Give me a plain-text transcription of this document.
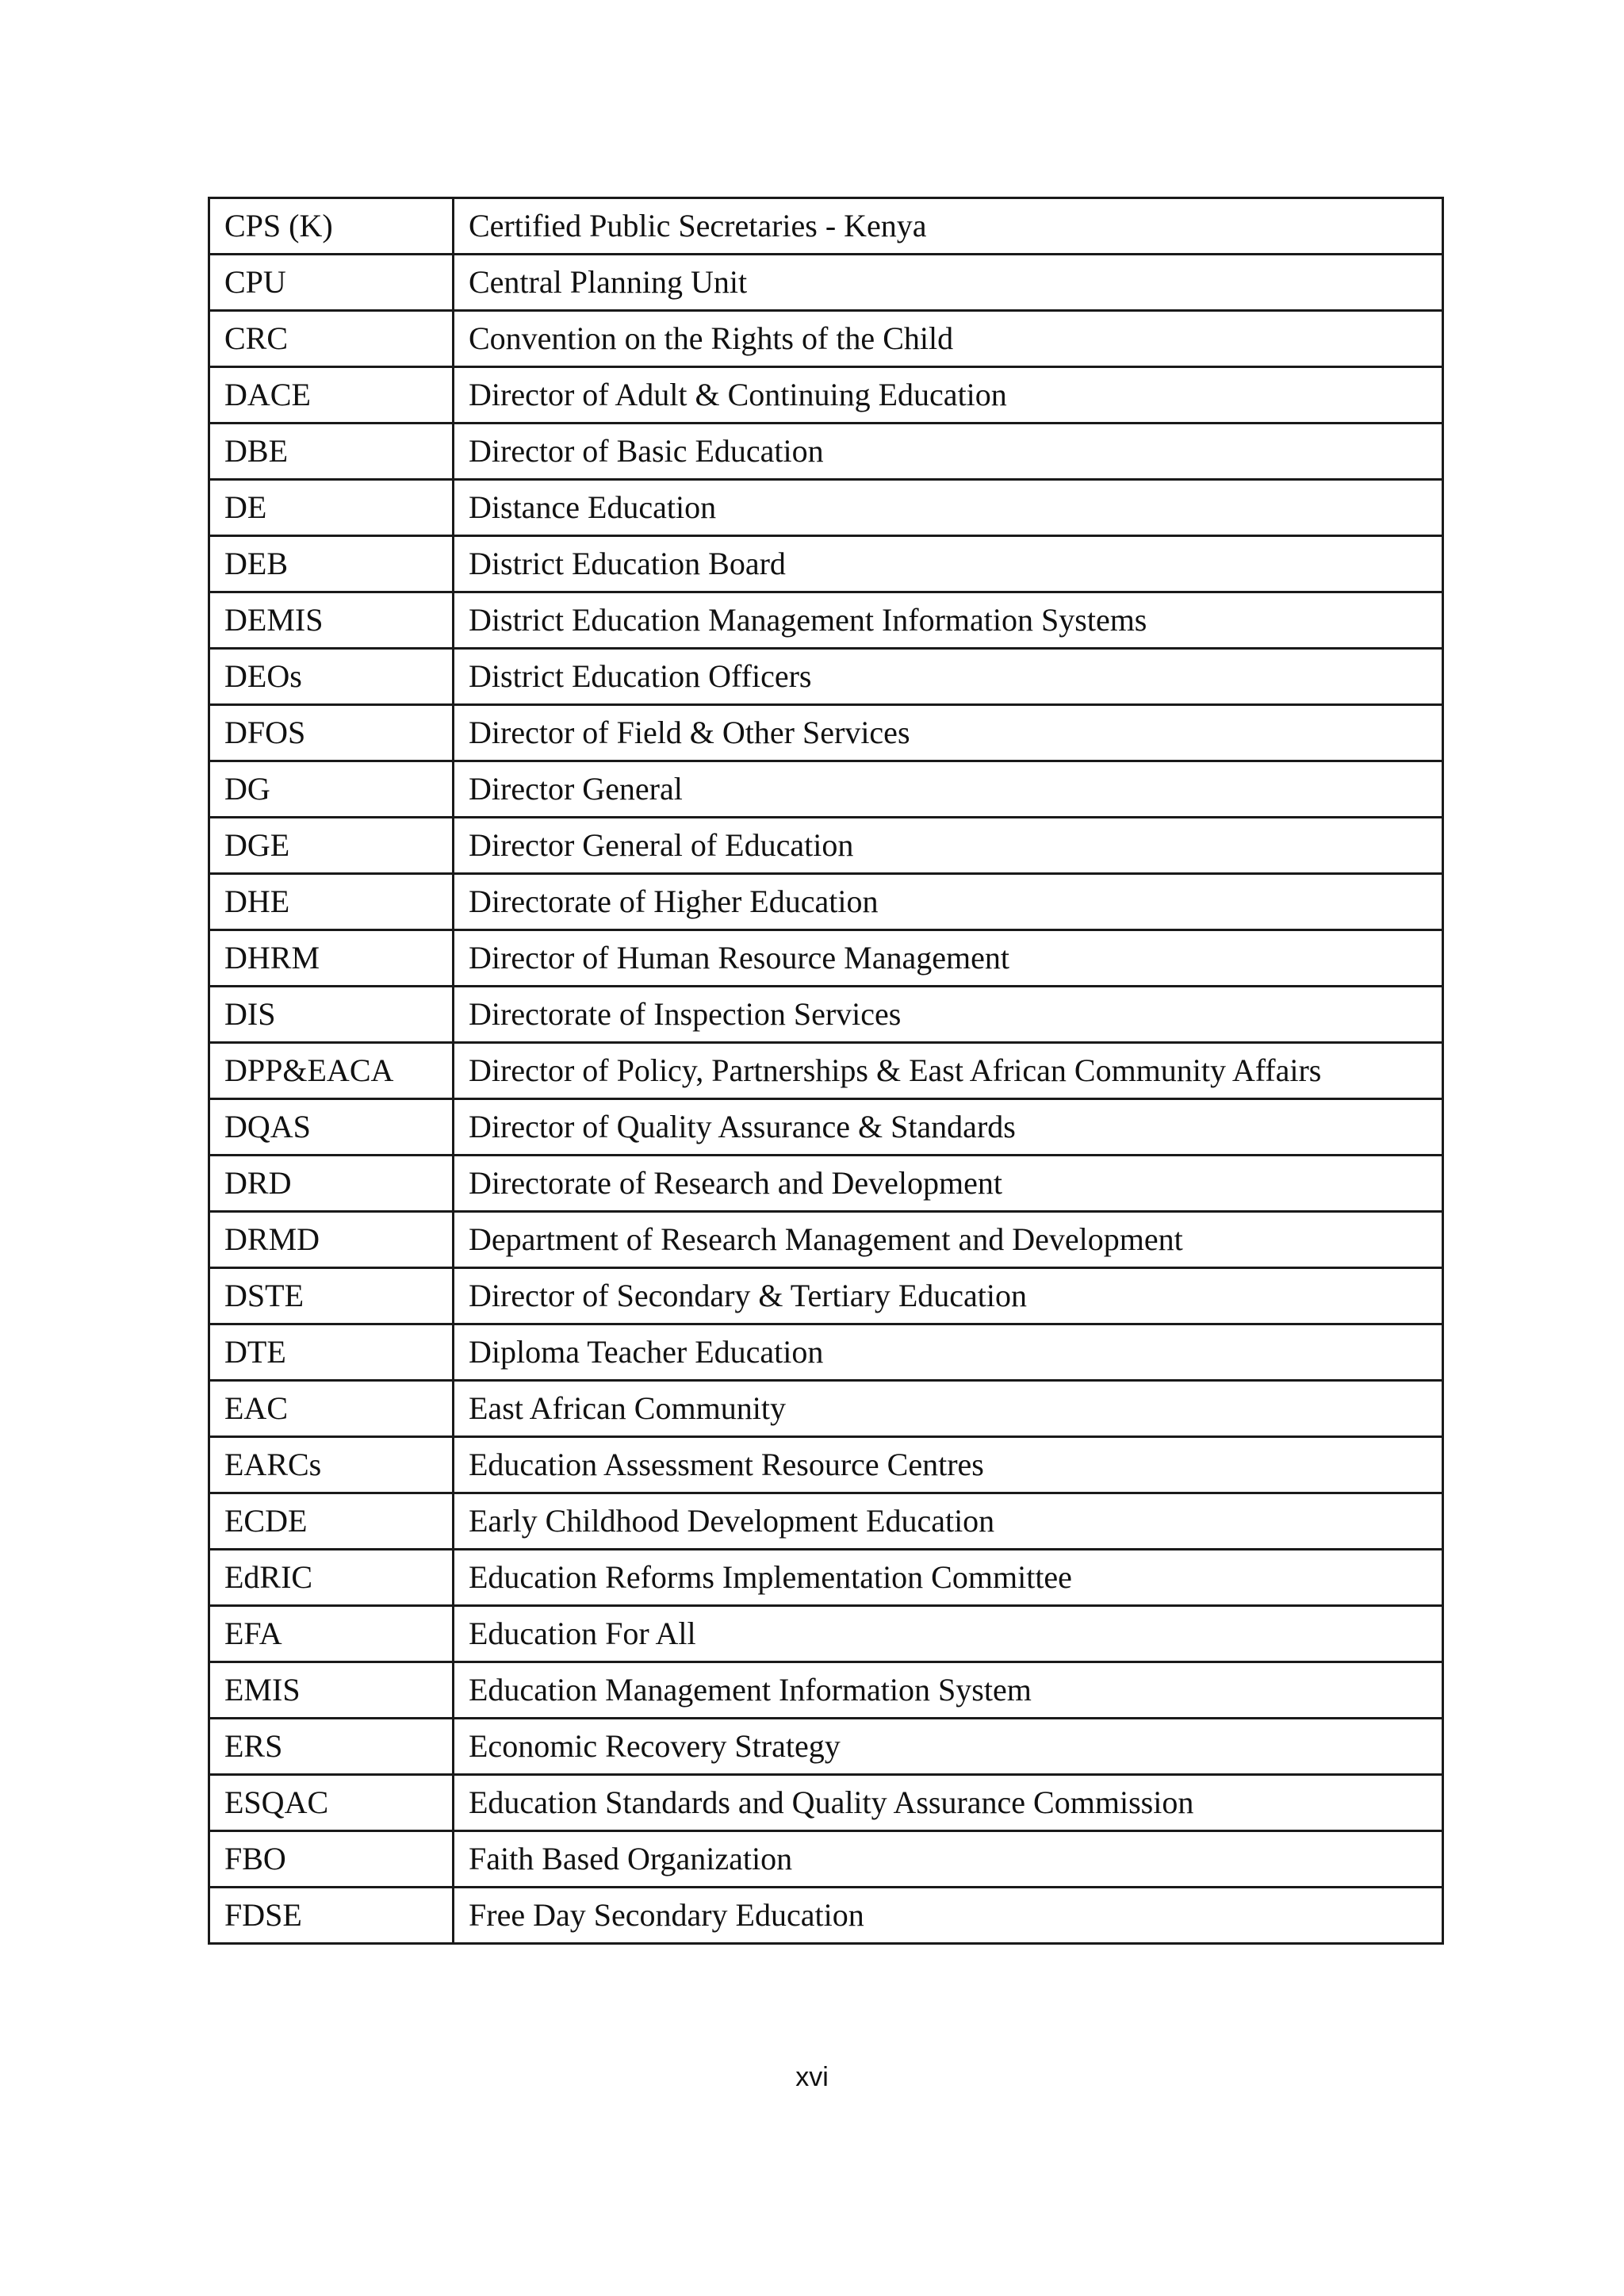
CPS (K)	Certified Public Secretaries - Kenya
CPU	Central Planning Unit
CRC	Convention on the Rights of the Child
DACE	Director of Adult & Continuing Education
DBE	Director of Basic Education
DE	Distance Education
DEB	District Education Board
DEMIS	District Education Management Information Systems
DEOs	District Education Officers
DFOS	Director of Field & Other Services
DG	Director General
DGE	Director General of Education
DHE	Directorate of Higher Education
DHRM	Director of Human Resource Management
DIS	Directorate of Inspection Services
DPP&EACA	Director of Policy, Partnerships & East African Community Affairs
DQAS	Director of Quality Assurance & Standards
DRD	Directorate of Research and Development
DRMD	Department of Research Management and Development
DSTE	Director of Secondary & Tertiary Education
DTE	Diploma Teacher Education
EAC	East African Community
EARCs	Education Assessment Resource Centres
ECDE	Early Childhood Development Education
EdRIC	Education Reforms Implementation Committee
EFA	Education For All
EMIS	Education Management Information System
ERS	Economic Recovery Strategy
ESQAC	Education Standards and Quality Assurance Commission
FBO	Faith Based Organization
FDSE	Free Day Secondary Education
xvi
